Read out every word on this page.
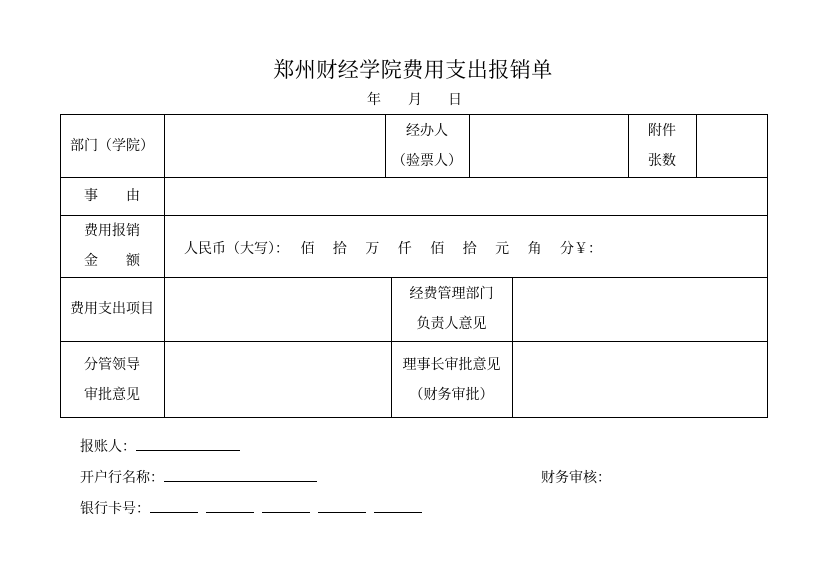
郑州财经学院费用支出报销单
年 月 日
部门（学院）
经办人
（验票人）
附件
张数
事　　由
费用报销
金　　额
人民币（大写）：　 佰　 拾　 万　 仟　 佰　 拾　 元　 角　 分￥：
费用支出项目
经费管理部门
负责人意见
分管领导
审批意见
理事长审批意见
（财务审批）
报账人：
开户行名称：	财务审核：
银行卡号：
